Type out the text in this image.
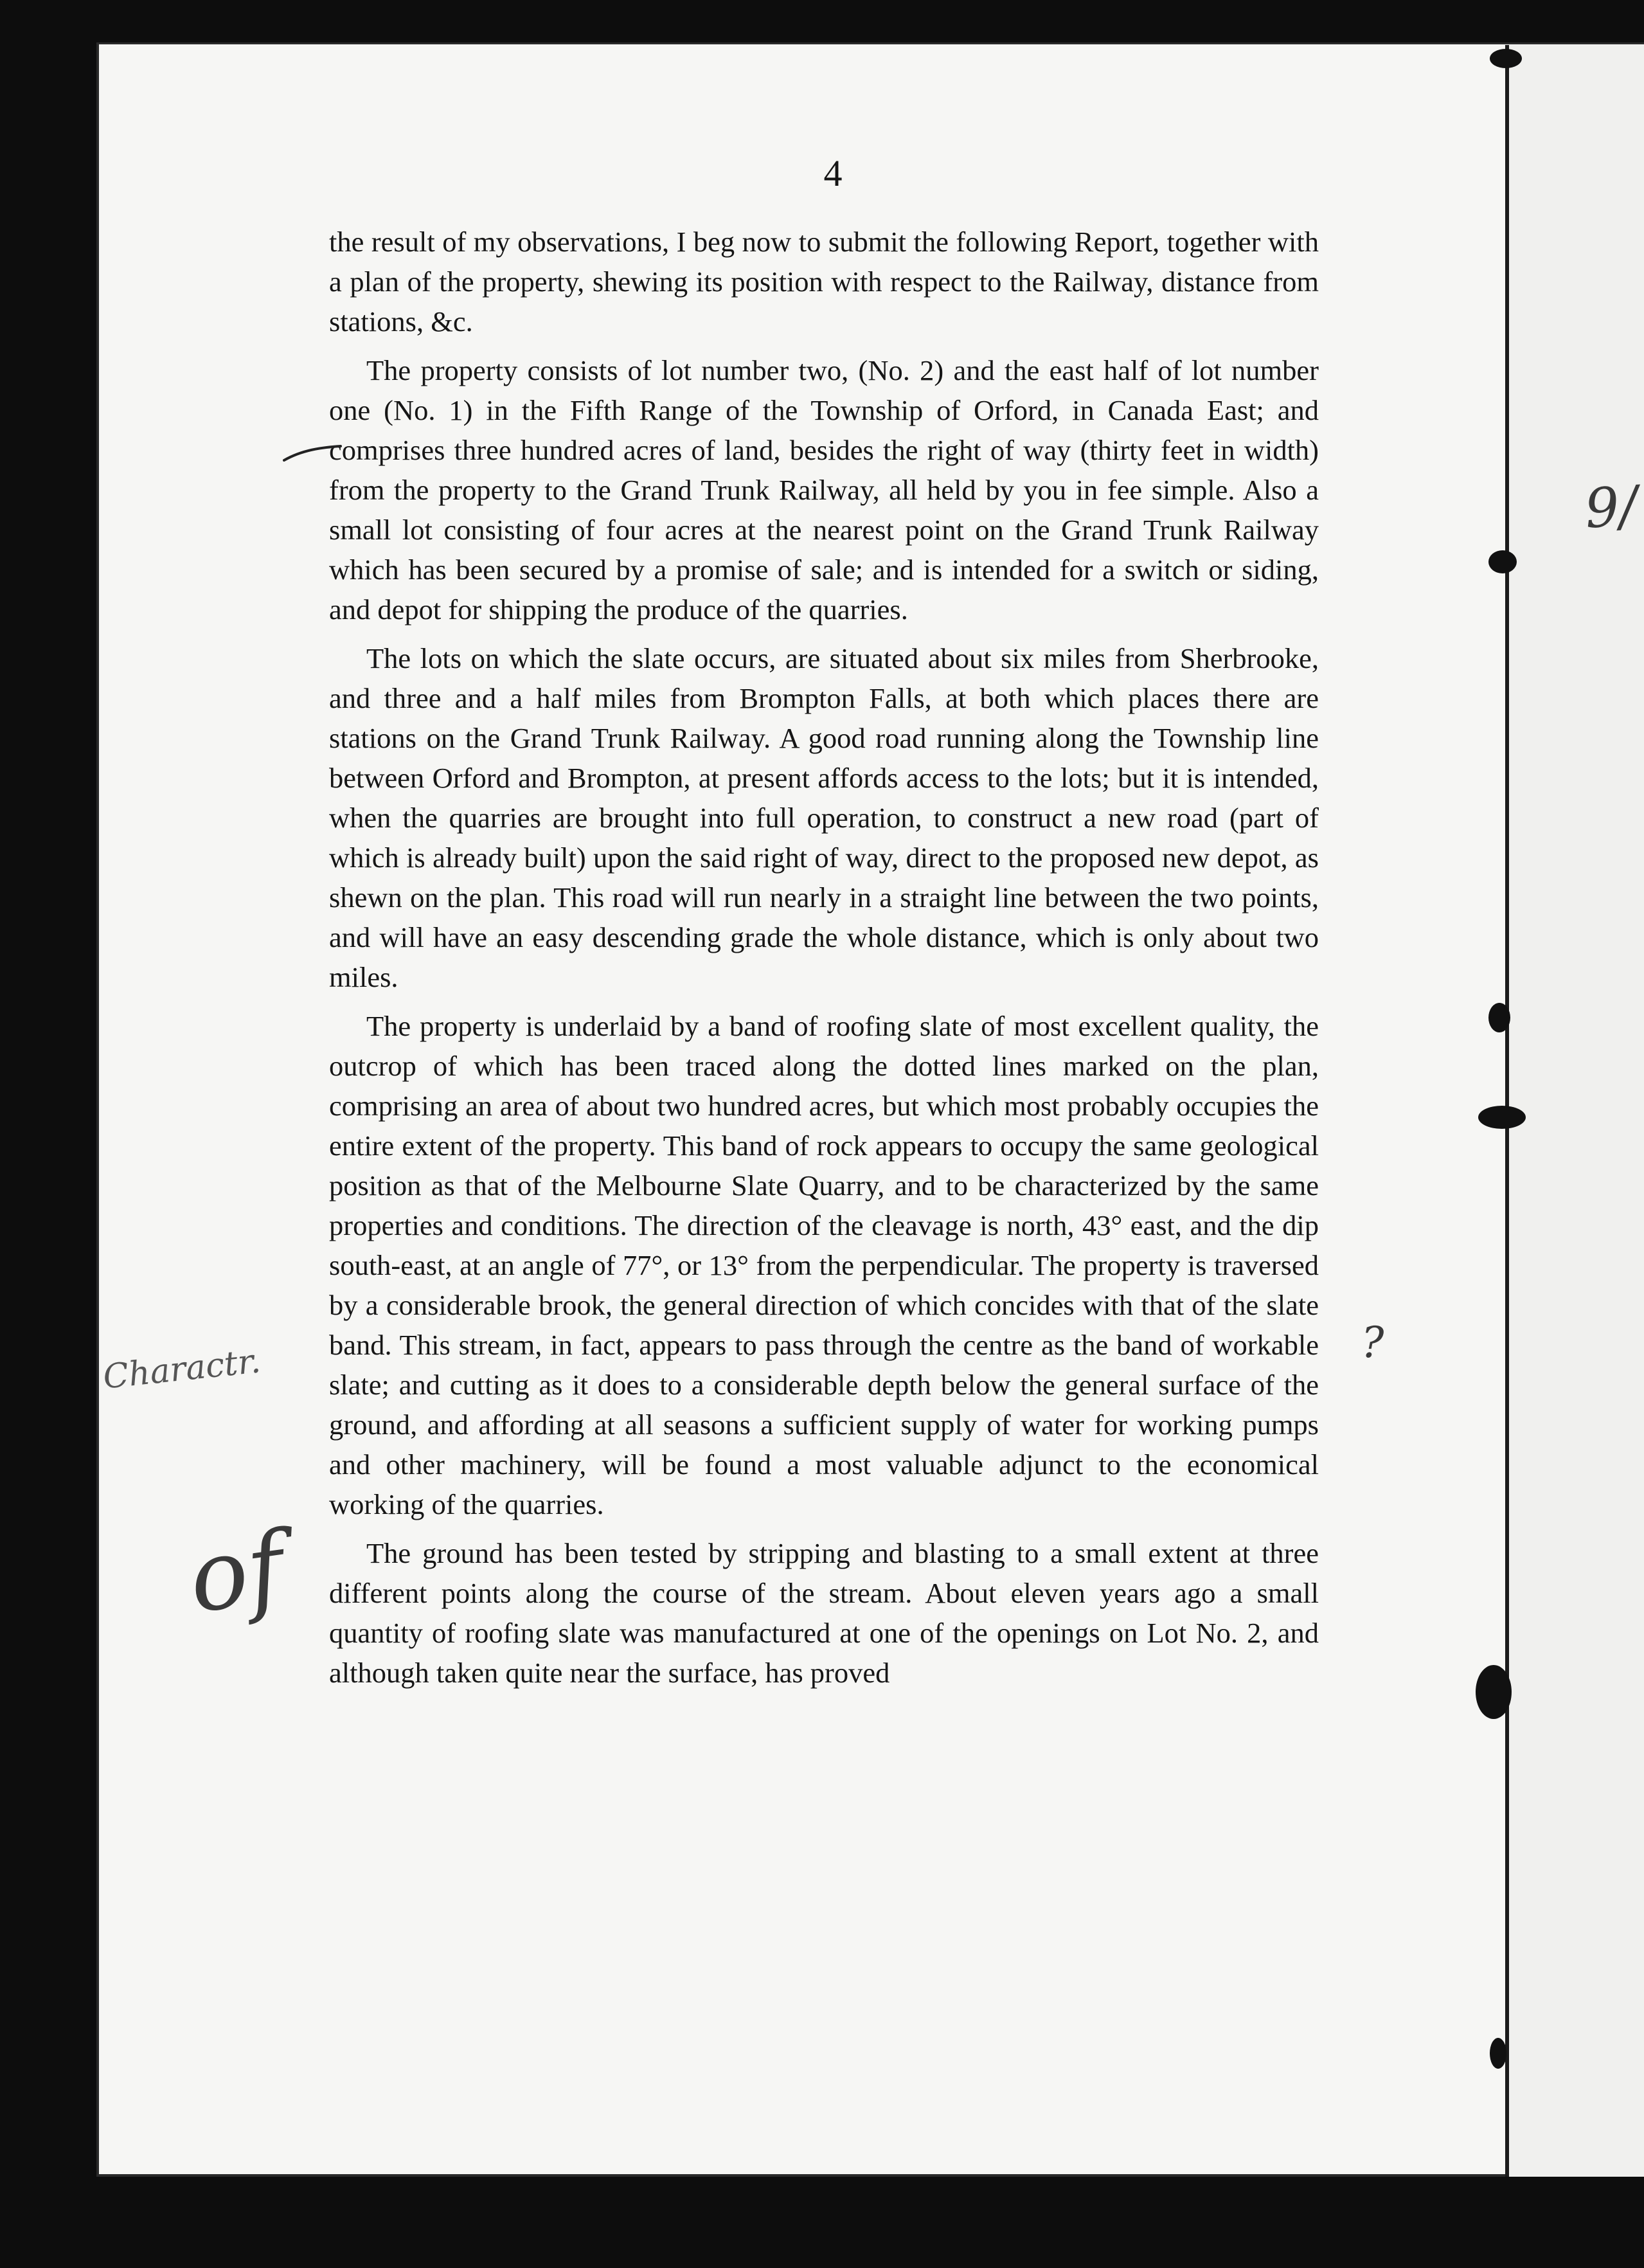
4

the result of my observations, I beg now to submit the following Report, together with a plan of the property, shewing its position with respect to the Railway, distance from stations, &c.

The property consists of lot number two, (No. 2) and the east half of lot number one (No. 1) in the Fifth Range of the Township of Orford, in Canada East; and comprises three hundred acres of land, besides the right of way (thirty feet in width) from the property to the Grand Trunk Railway, all held by you in fee simple. Also a small lot consisting of four acres at the nearest point on the Grand Trunk Railway which has been secured by a promise of sale; and is intended for a switch or siding, and depot for shipping the produce of the quarries.

The lots on which the slate occurs, are situated about six miles from Sherbrooke, and three and a half miles from Brompton Falls, at both which places there are stations on the Grand Trunk Railway. A good road running along the Township line between Orford and Brompton, at present affords access to the lots; but it is intended, when the quarries are brought into full operation, to construct a new road (part of which is already built) upon the said right of way, direct to the proposed new depot, as shewn on the plan. This road will run nearly in a straight line between the two points, and will have an easy descending grade the whole distance, which is only about two miles.

The property is underlaid by a band of roofing slate of most excellent quality, the outcrop of which has been traced along the dotted lines marked on the plan, comprising an area of about two hundred acres, but which most probably occupies the entire extent of the property. This band of rock appears to occupy the same geological position as that of the Melbourne Slate Quarry, and to be characterized by the same properties and conditions. The direction of the cleavage is north, 43° east, and the dip south-east, at an angle of 77°, or 13° from the perpendicular. The property is traversed by a considerable brook, the general direction of which concides with that of the slate band. This stream, in fact, appears to pass through the centre as the band of workable slate; and cutting as it does to a considerable depth below the general surface of the ground, and affording at all seasons a sufficient supply of water for working pumps and other machinery, will be found a most valuable adjunct to the economical working of the quarries.

The ground has been tested by stripping and blasting to a small extent at three different points along the course of the stream. About eleven years ago a small quantity of roofing slate was manufactured at one of the openings on Lot No. 2, and although taken quite near the surface, has proved

Charactr.

of

?

9/
